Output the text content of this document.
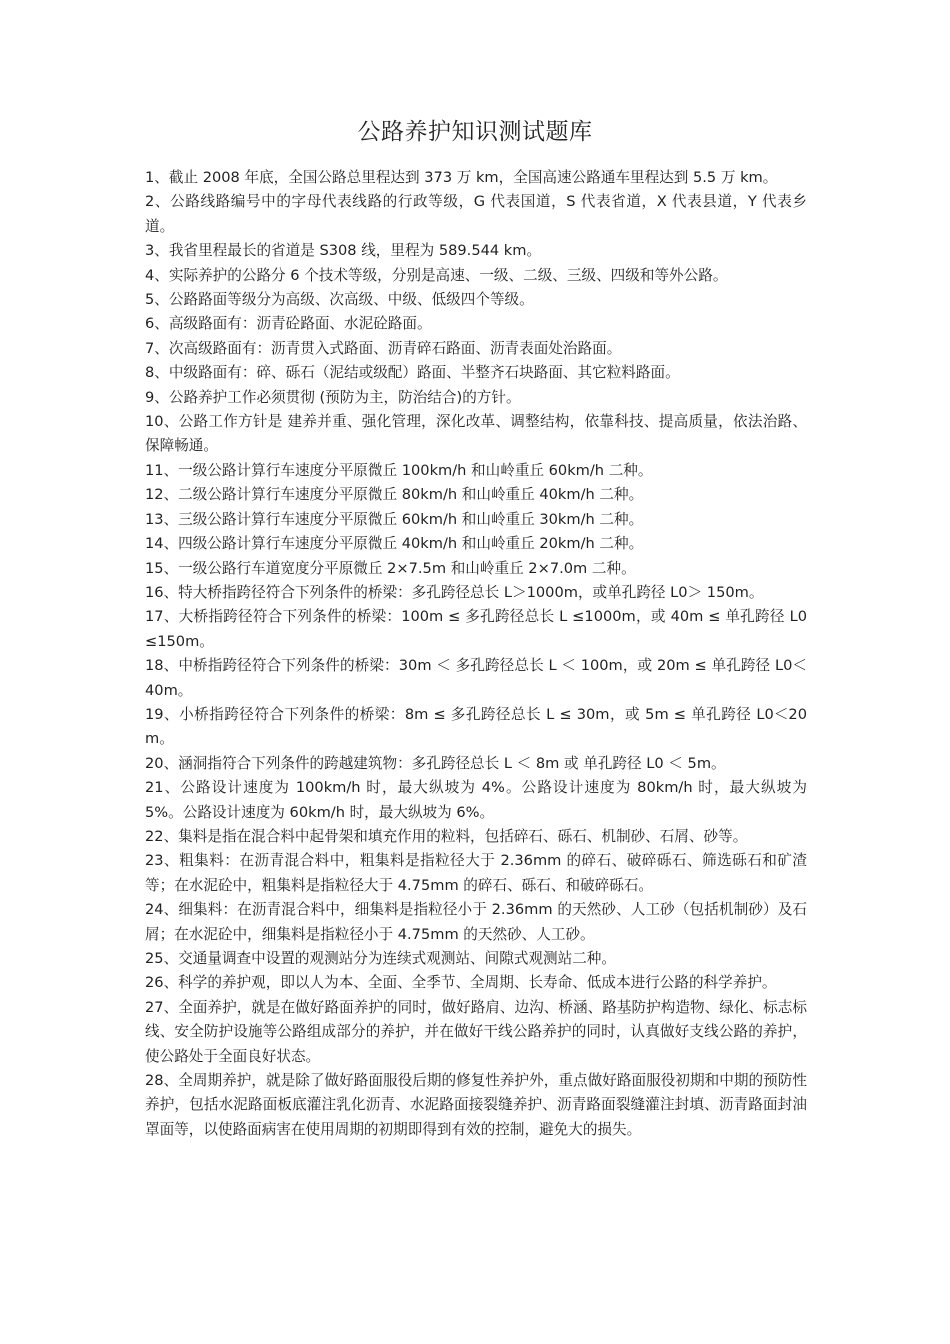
公路养护知识测试题库
1、截止 2008 年底，全国公路总里程达到 373 万 km，全国高速公路通车里程达到 5.5 万 km。
2、公路线路编号中的字母代表线路的行政等级，G 代表国道，S 代表省道，X 代表县道，Y 代表乡道。
3、我省里程最长的省道是 S308 线，里程为 589.544 km。
4、实际养护的公路分 6 个技术等级，分别是高速、一级、二级、三级、四级和等外公路。
5、公路路面等级分为高级、次高级、中级、低级四个等级。
6、高级路面有：沥青砼路面、水泥砼路面。
7、次高级路面有：沥青贯入式路面、沥青碎石路面、沥青表面处治路面。
8、中级路面有：碎、砾石（泥结或级配）路面、半整齐石块路面、其它粒料路面。
9、公路养护工作必须贯彻 (预防为主，防治结合)的方针。
10、公路工作方针是 建养并重、强化管理，深化改革、调整结构，依靠科技、提高质量，依法治路、保障畅通。
11、一级公路计算行车速度分平原微丘 100km/h 和山岭重丘 60km/h 二种。
12、二级公路计算行车速度分平原微丘 80km/h 和山岭重丘 40km/h 二种。
13、三级公路计算行车速度分平原微丘 60km/h 和山岭重丘 30km/h 二种。
14、四级公路计算行车速度分平原微丘 40km/h 和山岭重丘 20km/h 二种。
15、一级公路行车道宽度分平原微丘 2×7.5m 和山岭重丘 2×7.0m 二种。
16、特大桥指跨径符合下列条件的桥梁：多孔跨径总长 L＞1000m，或单孔跨径 L0＞ 150m。
17、大桥指跨径符合下列条件的桥梁：100m ≤ 多孔跨径总长 L ≤1000m，或 40m ≤ 单孔跨径 L0≤150m。
18、中桥指跨径符合下列条件的桥梁：30m ＜ 多孔跨径总长 L ＜ 100m，或 20m ≤ 单孔跨径 L0＜ 40m。
19、小桥指跨径符合下列条件的桥梁：8m ≤ 多孔跨径总长 L ≤ 30m，或 5m ≤ 单孔跨径 L0＜20m。
20、涵洞指符合下列条件的跨越建筑物：多孔跨径总长 L ＜ 8m 或 单孔跨径 L0 ＜ 5m。
21、公路设计速度为 100km/h 时，最大纵坡为 4%。公路设计速度为 80km/h 时，最大纵坡为 5%。公路设计速度为 60km/h 时，最大纵坡为 6%。
22、集料是指在混合料中起骨架和填充作用的粒料，包括碎石、砾石、机制砂、石屑、砂等。
23、粗集料：在沥青混合料中，粗集料是指粒径大于 2.36mm 的碎石、破碎砾石、筛选砾石和矿渣等；在水泥砼中，粗集料是指粒径大于 4.75mm 的碎石、砾石、和破碎砾石。
24、细集料：在沥青混合料中，细集料是指粒径小于 2.36mm 的天然砂、人工砂（包括机制砂）及石屑；在水泥砼中，细集料是指粒径小于 4.75mm 的天然砂、人工砂。
25、交通量调查中设置的观测站分为连续式观测站、间隙式观测站二种。
26、科学的养护观，即以人为本、全面、全季节、全周期、长寿命、低成本进行公路的科学养护。
27、全面养护，就是在做好路面养护的同时，做好路肩、边沟、桥涵、路基防护构造物、绿化、标志标线、安全防护设施等公路组成部分的养护，并在做好干线公路养护的同时，认真做好支线公路的养护，使公路处于全面良好状态。
28、全周期养护，就是除了做好路面服役后期的修复性养护外，重点做好路面服役初期和中期的预防性养护，包括水泥路面板底灌注乳化沥青、水泥路面接裂缝养护、沥青路面裂缝灌注封填、沥青路面封油罩面等，以使路面病害在使用周期的初期即得到有效的控制，避免大的损失。
